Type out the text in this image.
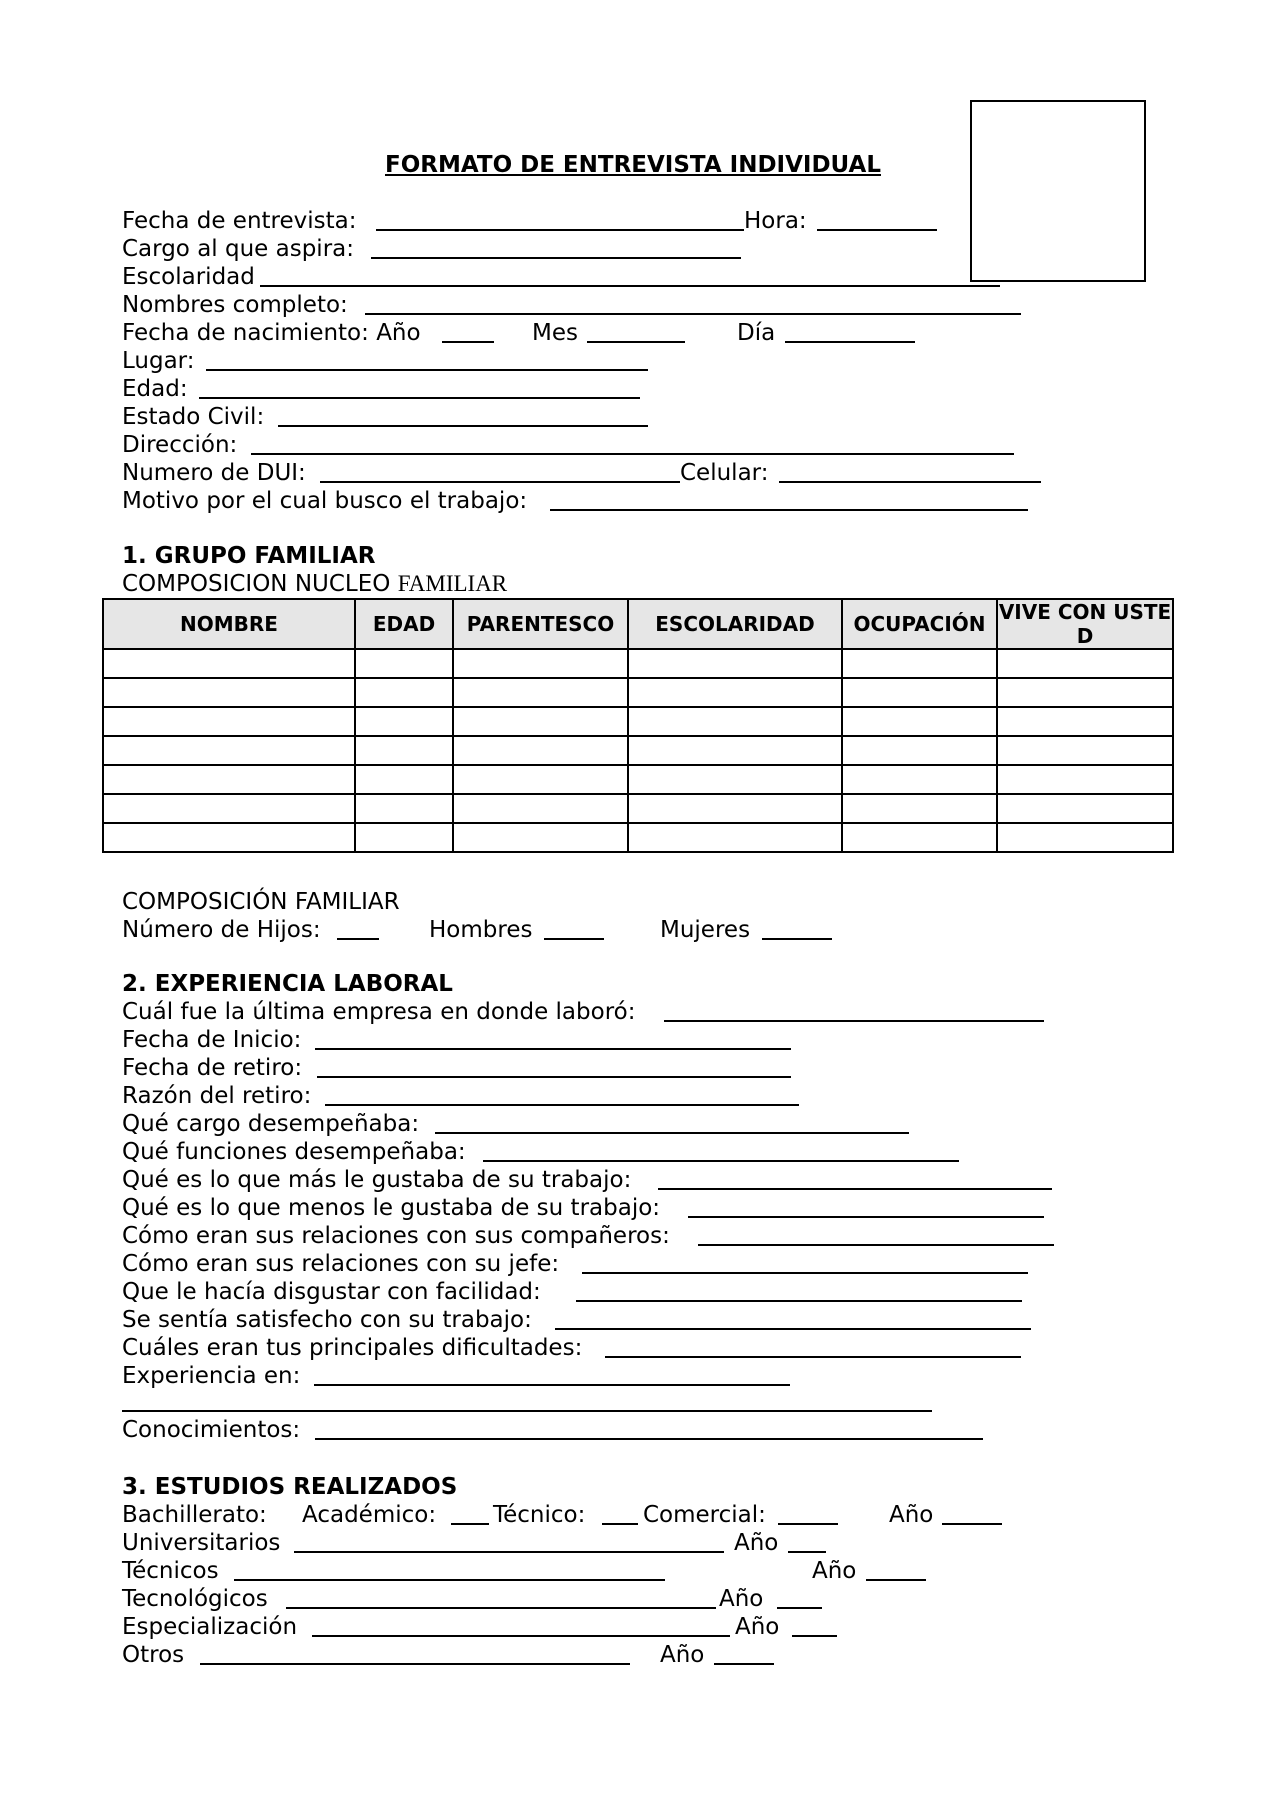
FORMATO DE ENTREVISTA INDIVIDUAL
Fecha de entrevista:	Hora:
Cargo al que aspira:
Escolaridad
Nombres completo:
Fecha de nacimiento: Año	Mes	Día
Lugar:
Edad:
Estado Civil:
Dirección:
Numero de DUI:	Celular:
Motivo por el cual busco el trabajo:
1. GRUPO FAMILIAR
COMPOSICION NUCLEO FAMILIAR
NOMBRE	EDAD	PARENTESCO	ESCOLARIDAD	OCUPACIÓN	VIVE CON USTED

COMPOSICIÓN FAMILIAR
Número de Hijos:	Hombres	Mujeres
2. EXPERIENCIA LABORAL
Cuál fue la última empresa en donde laboró:
Fecha de Inicio:
Fecha de retiro:
Razón del retiro:
Qué cargo desempeñaba:
Qué funciones desempeñaba:
Qué es lo que más le gustaba de su trabajo:
Qué es lo que menos le gustaba de su trabajo:
Cómo eran sus relaciones con sus compañeros:
Cómo eran sus relaciones con su jefe:
Que le hacía disgustar con facilidad:
Se sentía satisfecho con su trabajo:
Cuáles eran tus principales dificultades:
Experiencia en:
Conocimientos:
3. ESTUDIOS REALIZADOS
Bachillerato: Académico: Técnico:	Comercial:	Año
Universitarios	Año
Técnicos	Año
Tecnológicos	Año
Especialización	Año
Otros	Año
